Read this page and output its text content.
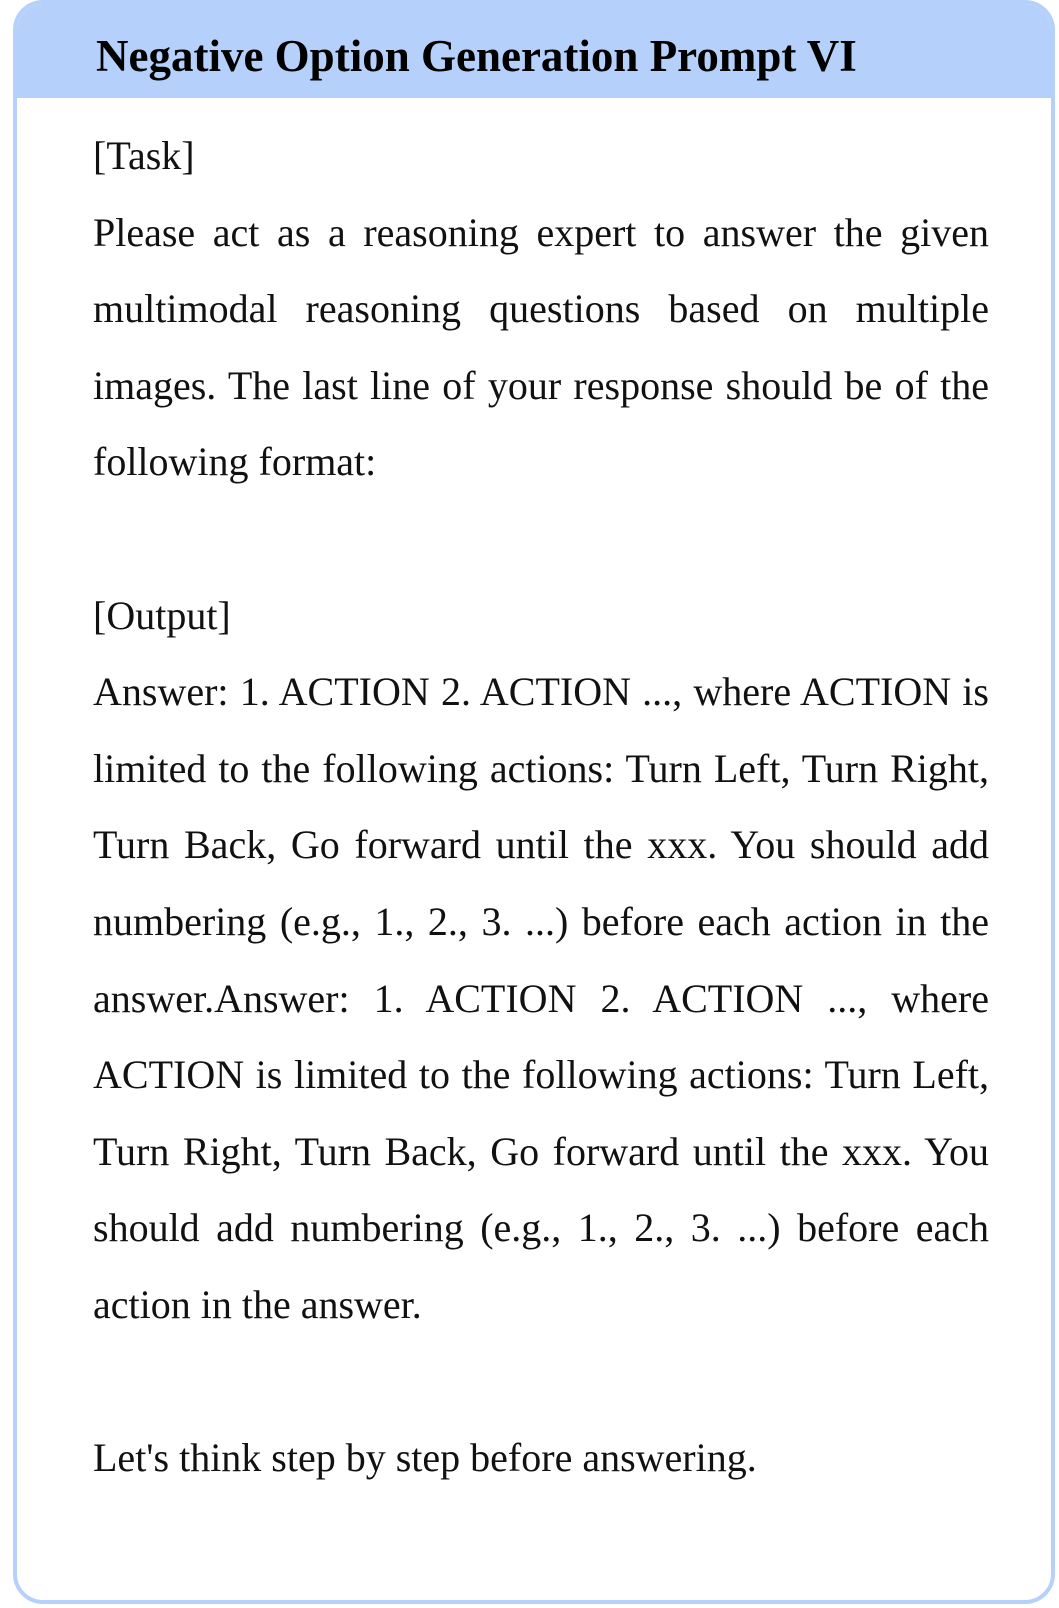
Negative Option Generation Prompt VI
[Task]
Please act as a reasoning expert to answer the given multimodal reasoning questions based on multiple images. The last line of your response should be of the following format:
[Output]
Answer: 1. ACTION 2. ACTION ..., where ACTION is limited to the following actions: Turn Left, Turn Right, Turn Back, Go forward until the xxx. You should add numbering (e.g., 1., 2., 3. ...) before each action in the answer.Answer: 1. ACTION 2. ACTION ..., where ACTION is limited to the following actions: Turn Left, Turn Right, Turn Back, Go forward until the xxx. You should add numbering (e.g., 1., 2., 3. ...) before each action in the answer.
Let's think step by step before answering.
